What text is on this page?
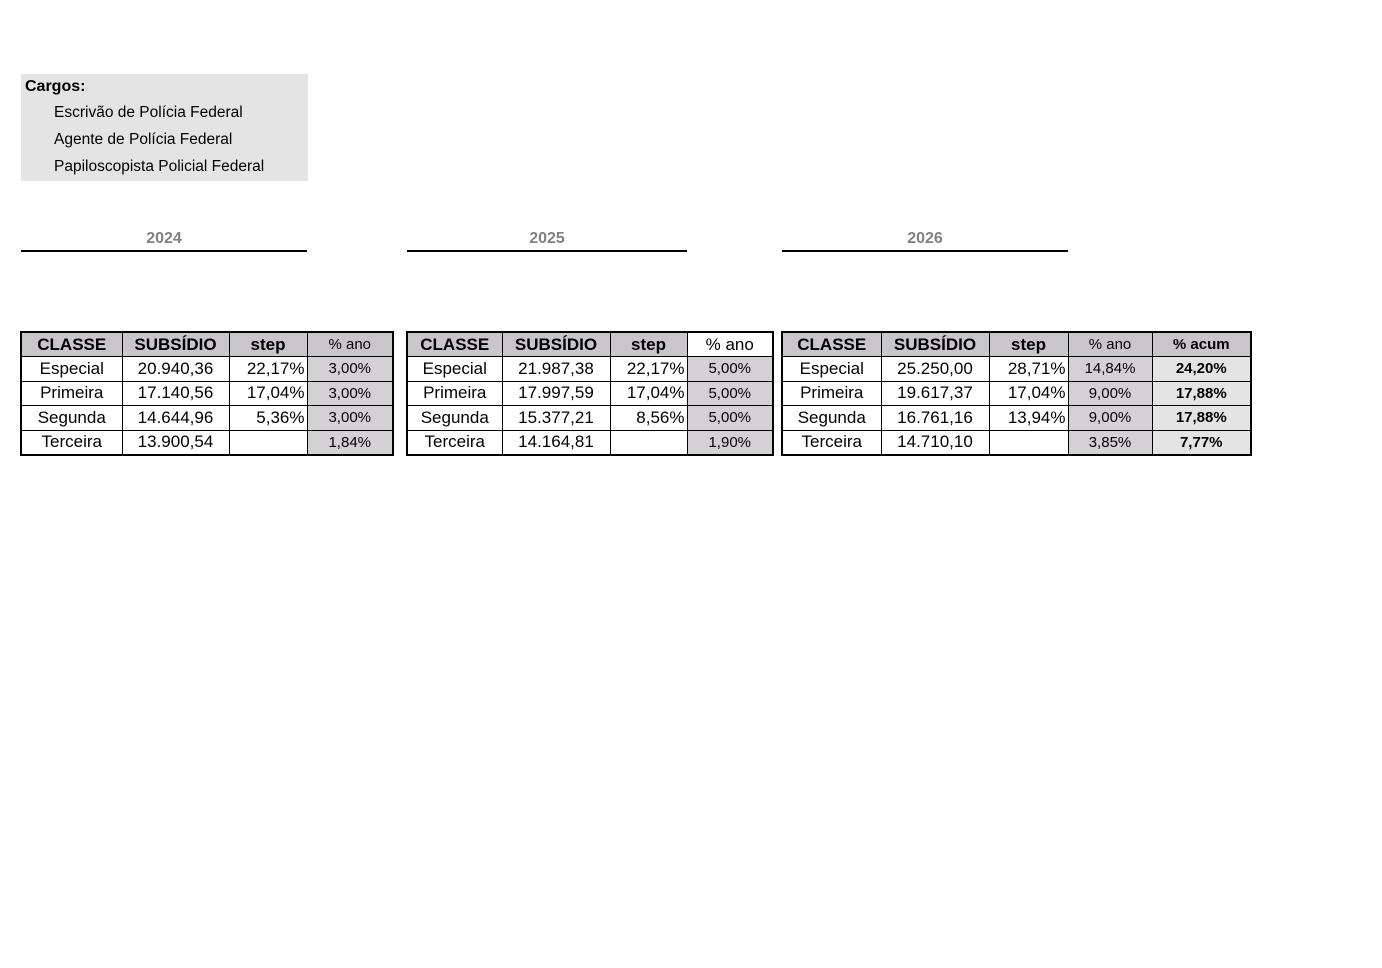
Cargos:
Escrivão de Polícia Federal
Agente de Polícia Federal
Papiloscopista Policial Federal
2024	2025	2026
CLASSE	SUBSÍDIO	step	% ano
Especial	20.940,36	22,17%	3,00%
Primeira	17.140,56	17,04%	3,00%
Segunda	14.644,96	5,36%	3,00%
Terceira	13.900,54		1,84%
CLASSE	SUBSÍDIO	step	% ano
Especial	21.987,38	22,17%	5,00%
Primeira	17.997,59	17,04%	5,00%
Segunda	15.377,21	8,56%	5,00%
Terceira	14.164,81		1,90%
CLASSE	SUBSÍDIO	step	% ano	% acum
Especial	25.250,00	28,71%	14,84%	24,20%
Primeira	19.617,37	17,04%	9,00%	17,88%
Segunda	16.761,16	13,94%	9,00%	17,88%
Terceira	14.710,10		3,85%	7,77%
